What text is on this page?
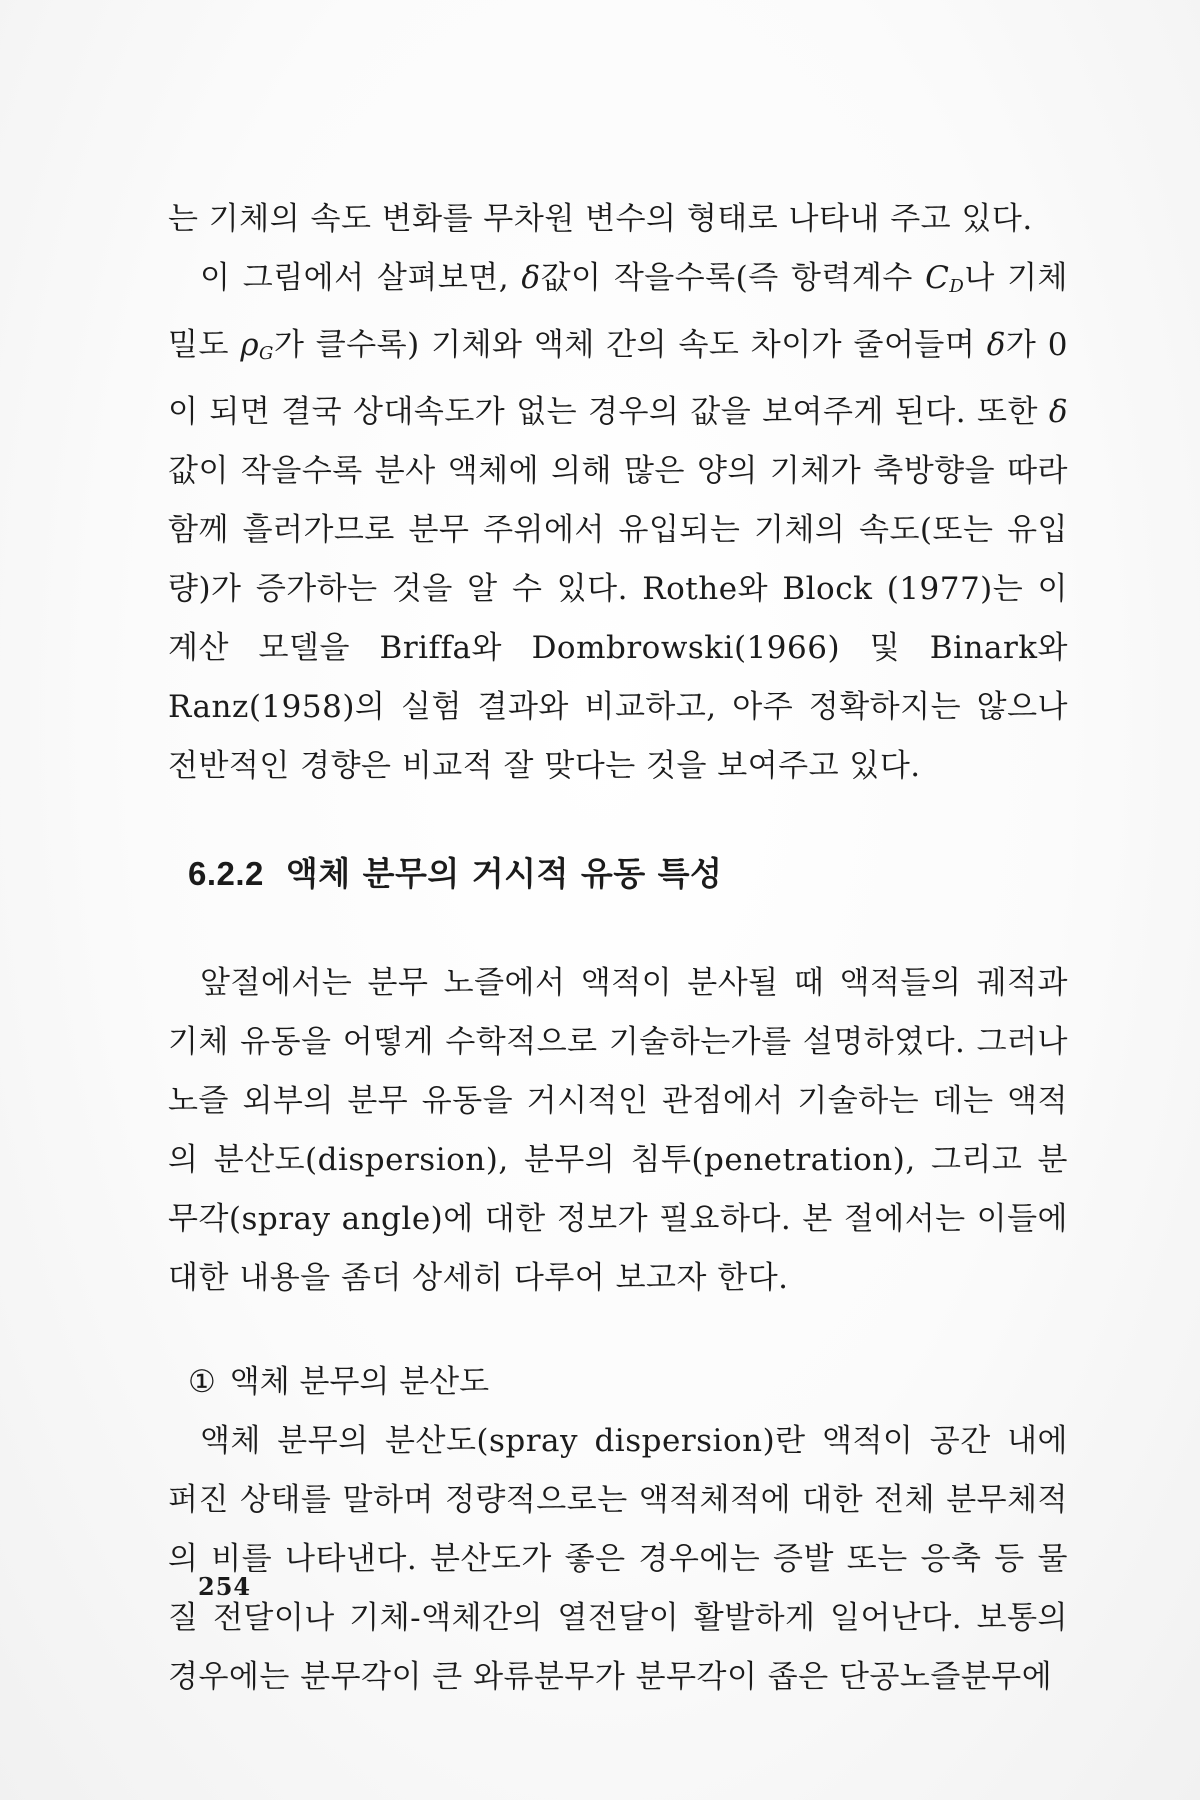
는 기체의 속도 변화를 무차원 변수의 형태로 나타내 주고 있다.

이 그림에서 살펴보면, δ값이 작을수록(즉 항력계수 $C_D$나 기체밀도 $\rho_G$가 클수록) 기체와 액체 간의 속도 차이가 줄어들며 δ가 0이 되면 결국 상대속도가 없는 경우의 값을 보여주게 된다. 또한 δ값이 작을수록 분사 액체에 의해 많은 양의 기체가 축방향을 따라 함께 흘러가므로 분무 주위에서 유입되는 기체의 속도(또는 유입량)가 증가하는 것을 알 수 있다. Rothe와 Block (1977)는 이 계산 모델을 Briffa와 Dombrowski(1966) 및 Binark와 Ranz(1958)의 실험 결과와 비교하고, 아주 정확하지는 않으나 전반적인 경향은 비교적 잘 맞다는 것을 보여주고 있다.

6.2.2 액체 분무의 거시적 유동 특성

앞절에서는 분무 노즐에서 액적이 분사될 때 액적들의 궤적과 기체 유동을 어떻게 수학적으로 기술하는가를 설명하였다. 그러나 노즐 외부의 분무 유동을 거시적인 관점에서 기술하는 데는 액적의 분산도(dispersion), 분무의 침투(penetration), 그리고 분무각(spray angle)에 대한 정보가 필요하다. 본 절에서는 이들에 대한 내용을 좀더 상세히 다루어 보고자 한다.

① 액체 분무의 분산도

액체 분무의 분산도(spray dispersion)란 액적이 공간 내에 퍼진 상태를 말하며 정량적으로는 액적체적에 대한 전체 분무체적의 비를 나타낸다. 분산도가 좋은 경우에는 증발 또는 응축 등 물질 전달이나 기체-액체간의 열전달이 활발하게 일어난다. 보통의 경우에는 분무각이 큰 와류분무가 분무각이 좁은 단공노즐분무에

254
